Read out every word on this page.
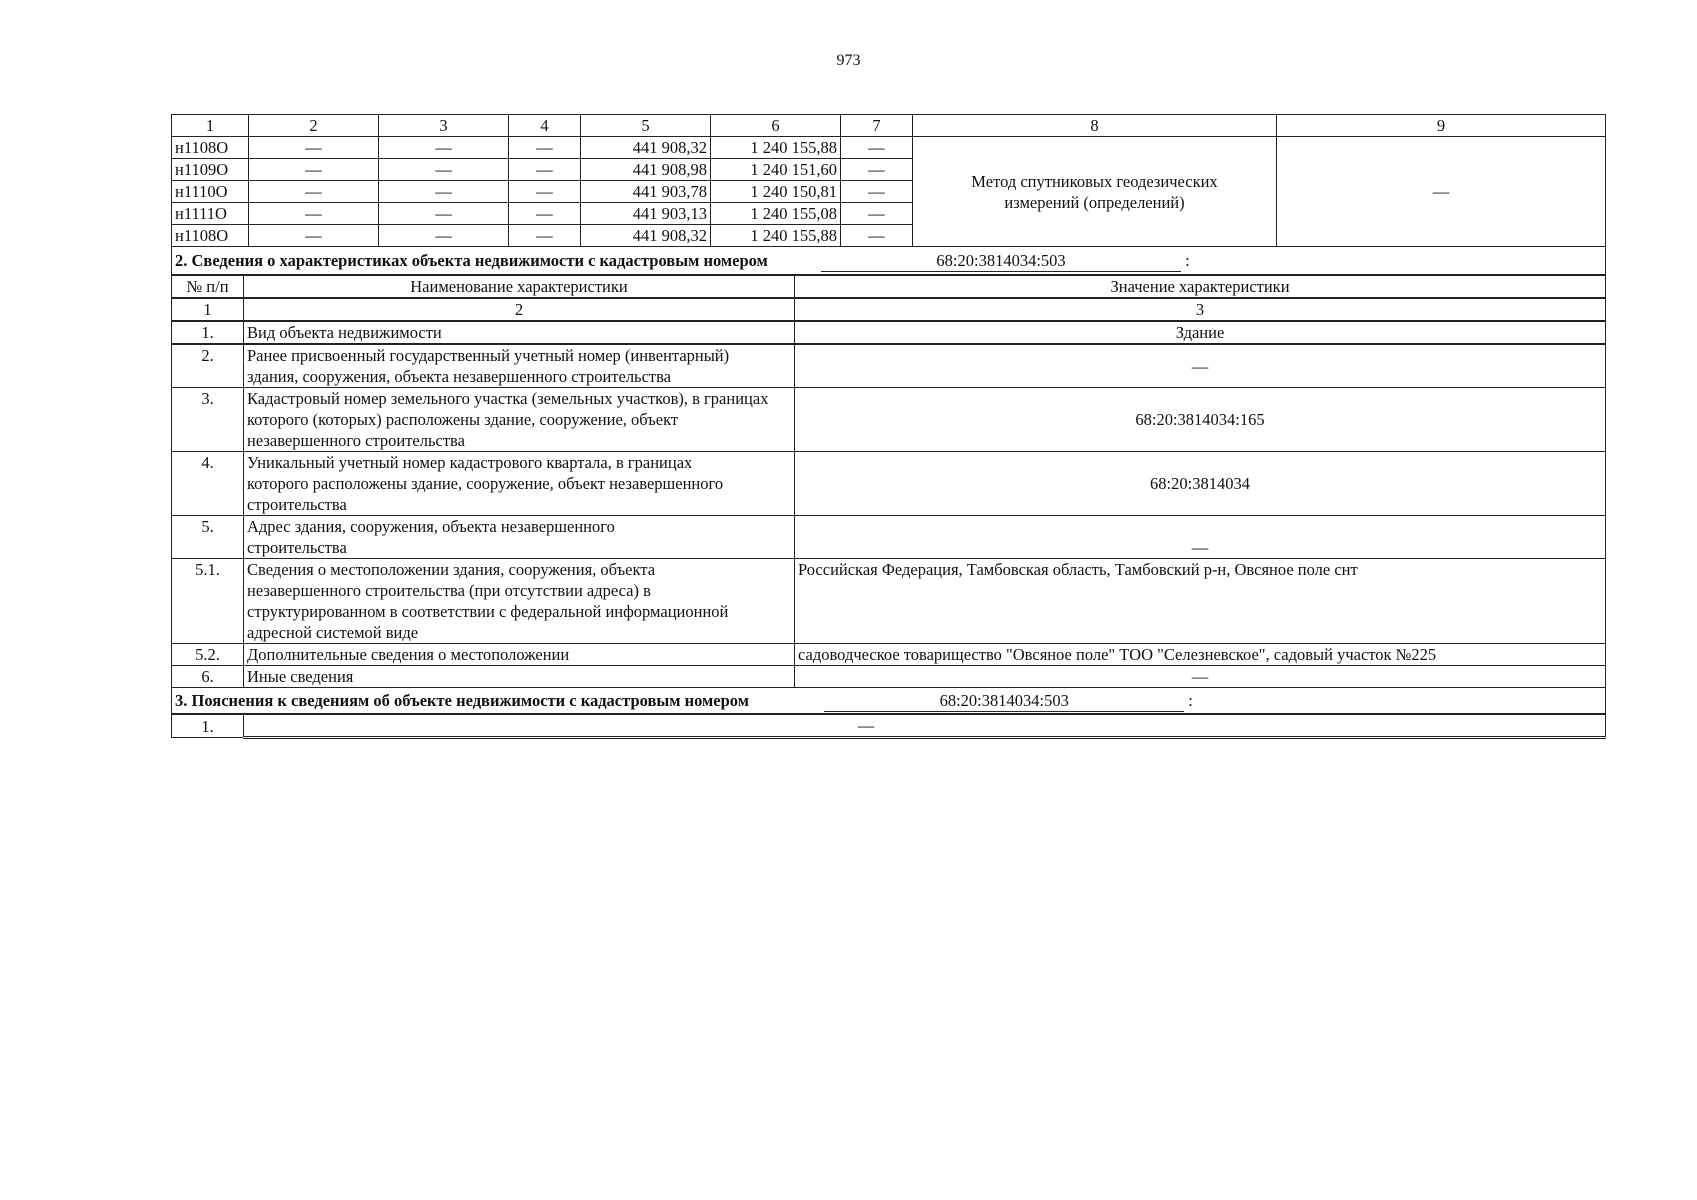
973
1	2	3	4	5	6	7	8	9
н1108О	—	—	—	441 908,32	1 240 155,88	—	Метод спутниковых геодезических измерений (определений)	—
н1109О	—	—	—	441 908,98	1 240 151,60	—		
н1110О	—	—	—	441 903,78	1 240 150,81	—		
н1111О	—	—	—	441 903,13	1 240 155,08	—		
н1108О	—	—	—	441 908,32	1 240 155,88	—		
2. Сведения о характеристиках объекта недвижимости с кадастровым номером 68:20:3814034:503 :		
№ п/п	Наименование характеристики	Значение характеристики
1	2	3
1.	Вид объекта недвижимости	Здание
2.	Ранее присвоенный государственный учетный номер (инвентарный) здания, сооружения, объекта незавершенного строительства	—
3.	Кадастровый номер земельного участка (земельных участков), в границах которого (которых) расположены здание, сооружение, объект незавершенного строительства	68:20:3814034:165
4.	Уникальный учетный номер кадастрового квартала, в границах которого расположены здание, сооружение, объект незавершенного строительства	68:20:3814034
5.	Адрес здания, сооружения, объекта незавершенного строительства	—
5.1.	Сведения о местоположении здания, сооружения, объекта незавершенного строительства (при отсутствии адреса) в структурированном в соответствии с федеральной информационной адресной системой виде	Российская Федерация, Тамбовская область, Тамбовский р-н, Овсяное поле снт
5.2.	Дополнительные сведения о местоположении	садоводческое товарищество "Овсяное поле" ТОО "Селезневское", садовый участок №225
6.	Иные сведения	—
3. Пояснения к сведениям об объекте недвижимости с кадастровым номером	68:20:3814034:503	:
1.	—
